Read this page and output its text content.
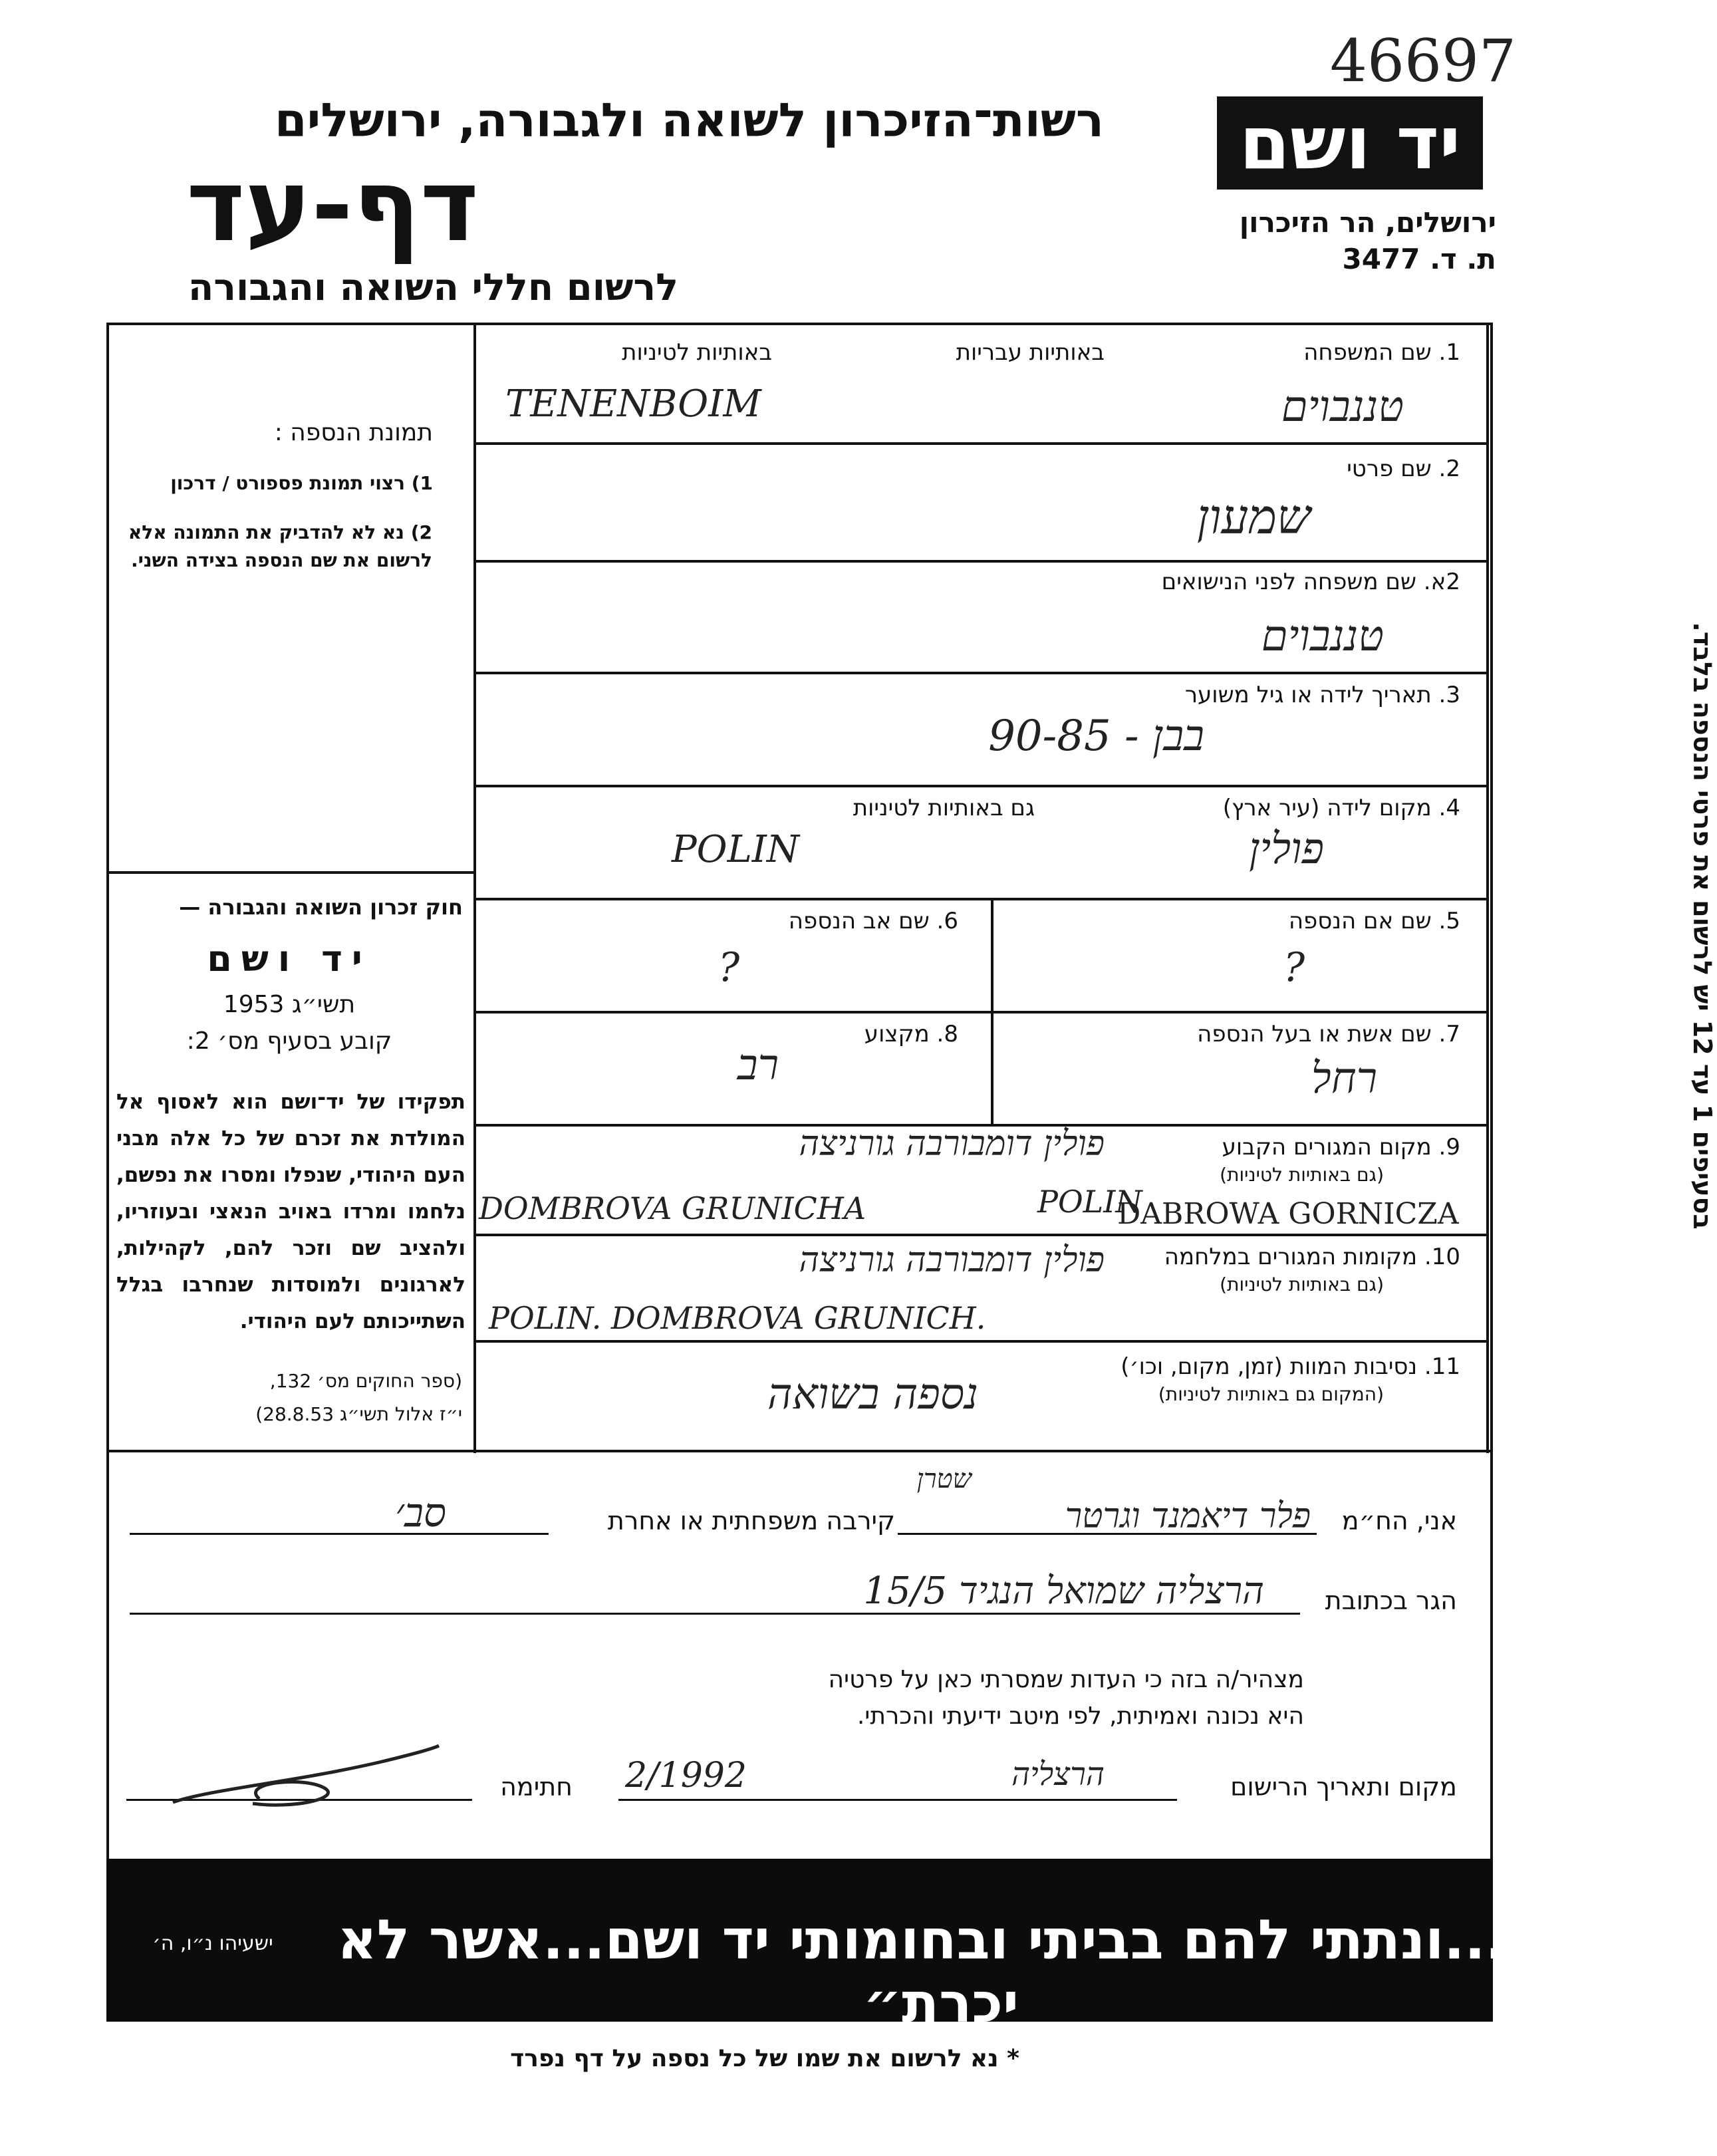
46697
רשות־הזיכרון לשואה ולגבורה, ירושלים
דף-עד
לרשום חללי השואה והגבורה
יד ושם
ירושלים, הר הזיכרון
ת. ד. 3477
תמונת הנספה :
1) רצוי תמונת פספורט / דרכון
2) נא לא להדביק את התמונה אלא לרשום את שם הנספה בצידה השני.
חוק זכרון השואה והגבורה —
יד ושם
תשי״ג 1953
קובע בסעיף מס׳ 2:
תפקידו של יד־ושם הוא לאסוף אל המולדת את זכרם של כל אלה מבני העם היהודי, שנפלו ומסרו את נפשם, נלחמו ומרדו באויב הנאצי ובעוזריו, ולהציב שם וזכר להם, לקהילות, לארגונים ולמוסדות שנחרבו בגלל השתייכותם לעם היהודי.
(ספר החוקים מס׳ 132,
י״ז אלול תשי״ג 28.8.53)
בסעיפים 1 עד 12 יש לרשום את פרטי הנספה בלבד.
1. שם המשפחה
באותיות עבריות
באותיות לטיניות
טננבוים
TENENBOIM
2. שם פרטי
שמעון
2א. שם משפחה לפני הנישואים
טננבוים
3. תאריך לידה או גיל משוער
בבן - 90-85
4. מקום לידה (עיר ארץ)
גם באותיות לטיניות
פולין
POLIN
5. שם אם הנספה
?
6. שם אב הנספה
?
7. שם אשת או בעל הנספה
רחל
8. מקצוע
רב
9. מקום המגורים הקבוע
(גם באותיות לטיניות)
פולין דומבורבה גורניצה
DOMBROVA GRUNICHA	POLIN
DABROWA GORNICZA
10. מקומות המגורים במלחמה
(גם באותיות לטיניות)
פולין דומבורבה גורניצה
POLIN. DOMBROVA GRUNICH.
11. נסיבות המוות (זמן, מקום, וכו׳)
(המקום גם באותיות לטיניות)
נספה בשואה
אני, הח״מ
פלר דיאמנד וגרטר
שטרן
קירבה משפחתית או אחרת
סב׳
הגר בכתובת
הרצליה שמואל הנגיד 15/5
מצהיר/ה בזה כי העדות שמסרתי כאן על פרטיה
היא נכונה ואמיתית, לפי מיטב ידיעתי והכרתי.
מקום ותאריך הרישום
הרצליה
2/1992
חתימה
״...ונתתי להם בביתי ובחומותי יד ושם...אשר לא יכרת״
ישעיהו נ״ו, ה׳
* נא לרשום את שמו של כל נספה על דף נפרד
